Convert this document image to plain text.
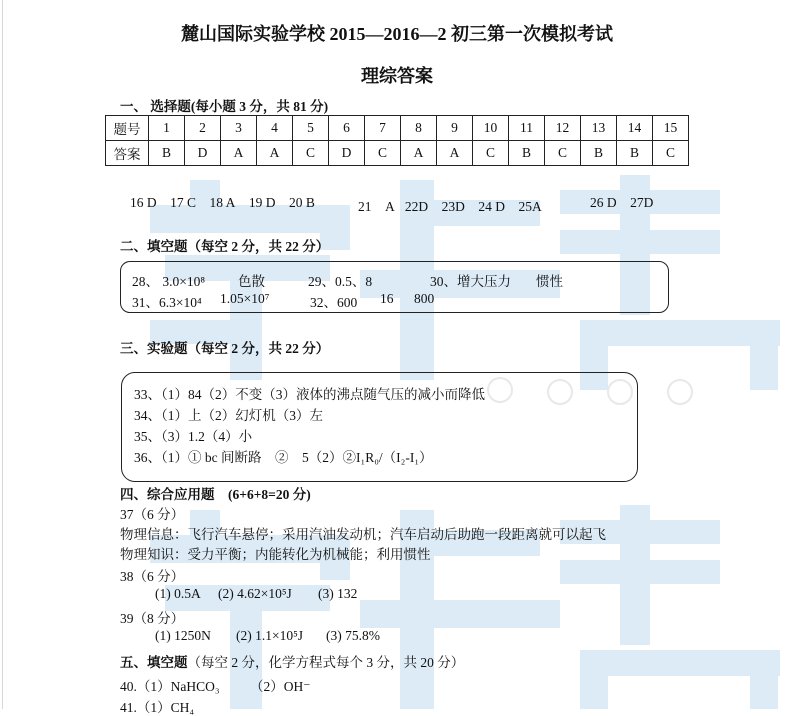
麓山国际实验学校 2015—2016—2 初三第一次模拟考试
理综答案
一、 选择题(每小题 3 分，共 81 分)
题号	1	2	3	4	5	6	7	8	9	10	11	12	13	14	15
答案	B	D	A	A	C	D	C	A	A	C	B	C	B	B	C
16 D 17 C 18 A 19 D 20 B	21　A 22D 23D 24 D 25A	26 D 27D
二、填空题（每空 2 分，共 22 分）
28、 3.0×10⁸ 色散	29、0.5、8	30、增大压力 惯性
31、6.3×10⁴ 1.05×10⁷	32、600 16 800
三、实验题（每空 2 分，共 22 分）
33、（1）84（2）不变（3）液体的沸点随气压的减小而降低
34、（1）上（2）幻灯机（3）左
35、（3）1.2（4）小
36、（1）① bc 间断路　②　5（2）②I₁R₀/（I₂-I₁）
四、综合应用题　(6+6+8=20 分)
37（6 分）
物理信息：飞行汽车悬停；采用汽油发动机；汽车启动后助跑一段距离就可以起飞
物理知识：受力平衡；内能转化为机械能；利用惯性
38（6 分）
(1) 0.5A (2) 4.62×10⁵J (3) 132
39（8 分）
(1) 1250N (2) 1.1×10⁵J (3) 75.8%
五、填空题（每空 2 分，化学方程式每个 3 分，共 20 分）
40.（1）NaHCO₃ （2）OH⁻
41.（1）CH₄
